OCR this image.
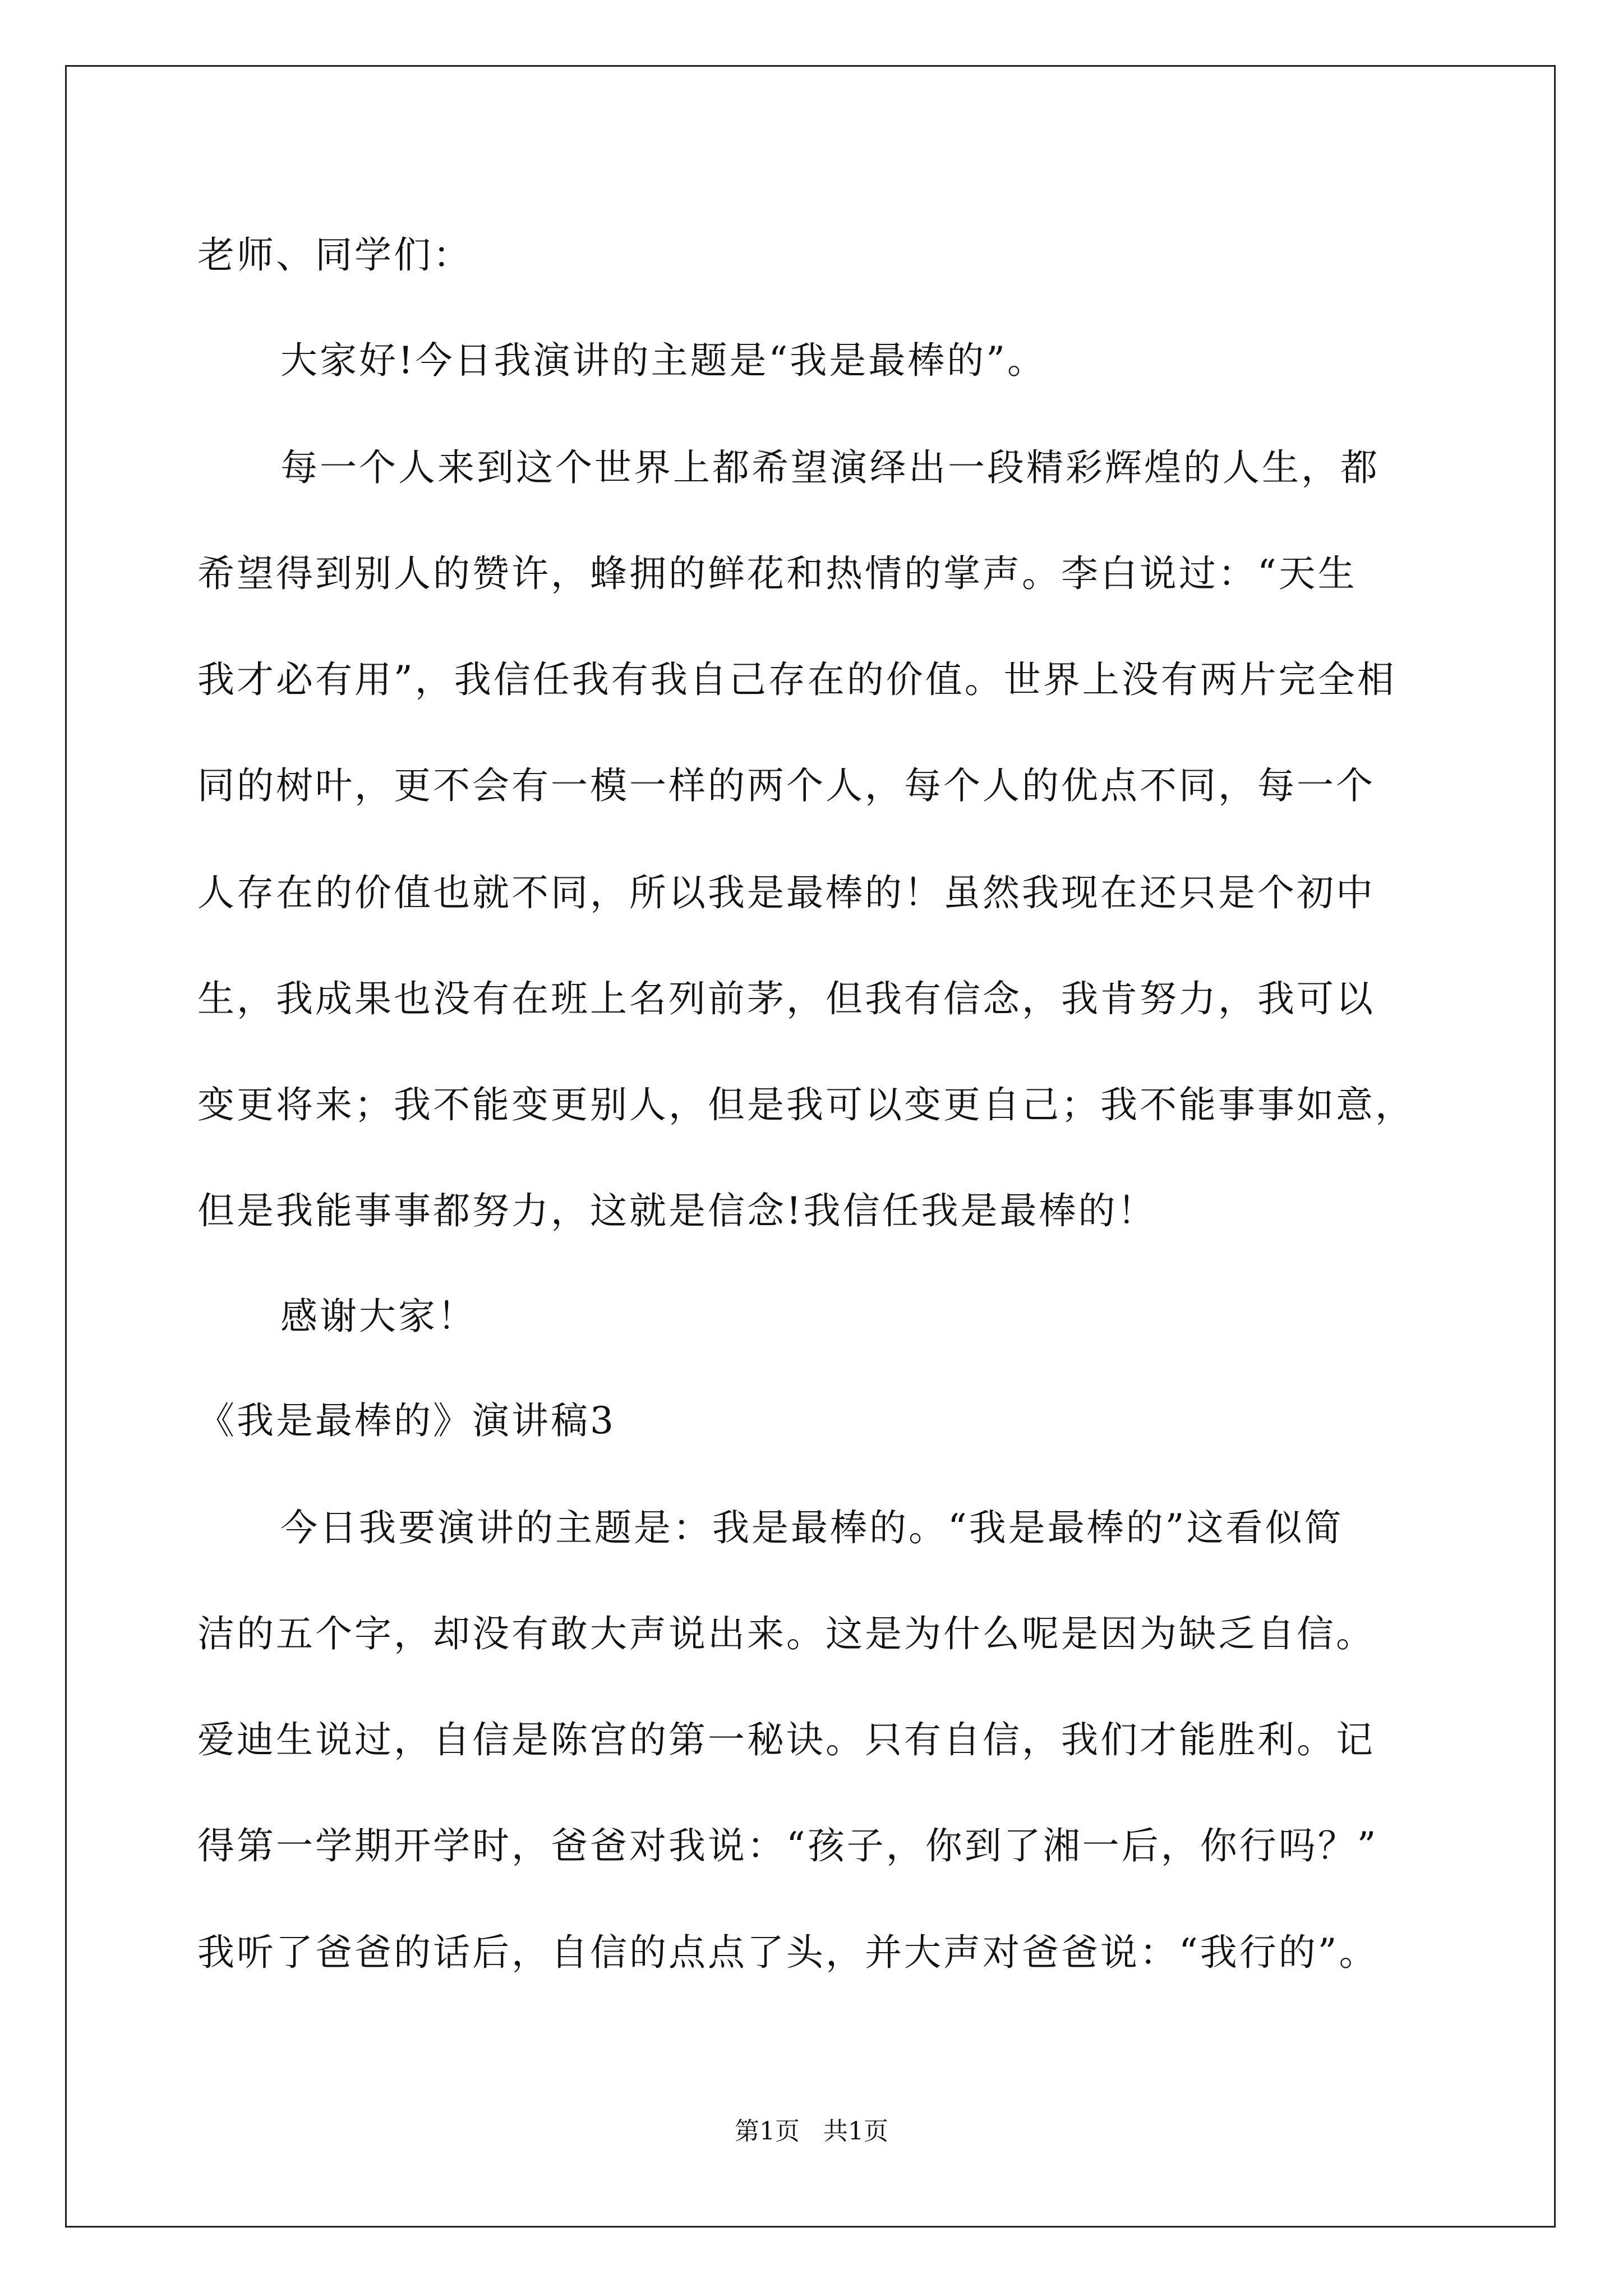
老师、同学们：

大家好!今日我演讲的主题是“我是最棒的”。

每一个人来到这个世界上都希望演绎出一段精彩辉煌的人生，都

希望得到别人的赞许，蜂拥的鲜花和热情的掌声。李白说过：“天生

我才必有用”，我信任我有我自己存在的价值。世界上没有两片完全相

同的树叶，更不会有一模一样的两个人，每个人的优点不同，每一个

人存在的价值也就不同，所以我是最棒的！虽然我现在还只是个初中

生，我成果也没有在班上名列前茅，但我有信念，我肯努力，我可以

变更将来；我不能变更别人，但是我可以变更自己；我不能事事如意，

但是我能事事都努力，这就是信念!我信任我是最棒的！

感谢大家！

《我是最棒的》演讲稿3

今日我要演讲的主题是：我是最棒的。“我是最棒的”这看似简

洁的五个字，却没有敢大声说出来。这是为什么呢是因为缺乏自信。

爱迪生说过，自信是陈宫的第一秘诀。只有自信，我们才能胜利。记

得第一学期开学时，爸爸对我说：“孩子，你到了湘一后，你行吗？”

我听了爸爸的话后，自信的点点了头，并大声对爸爸说：“我行的”。

第1页   共1页
